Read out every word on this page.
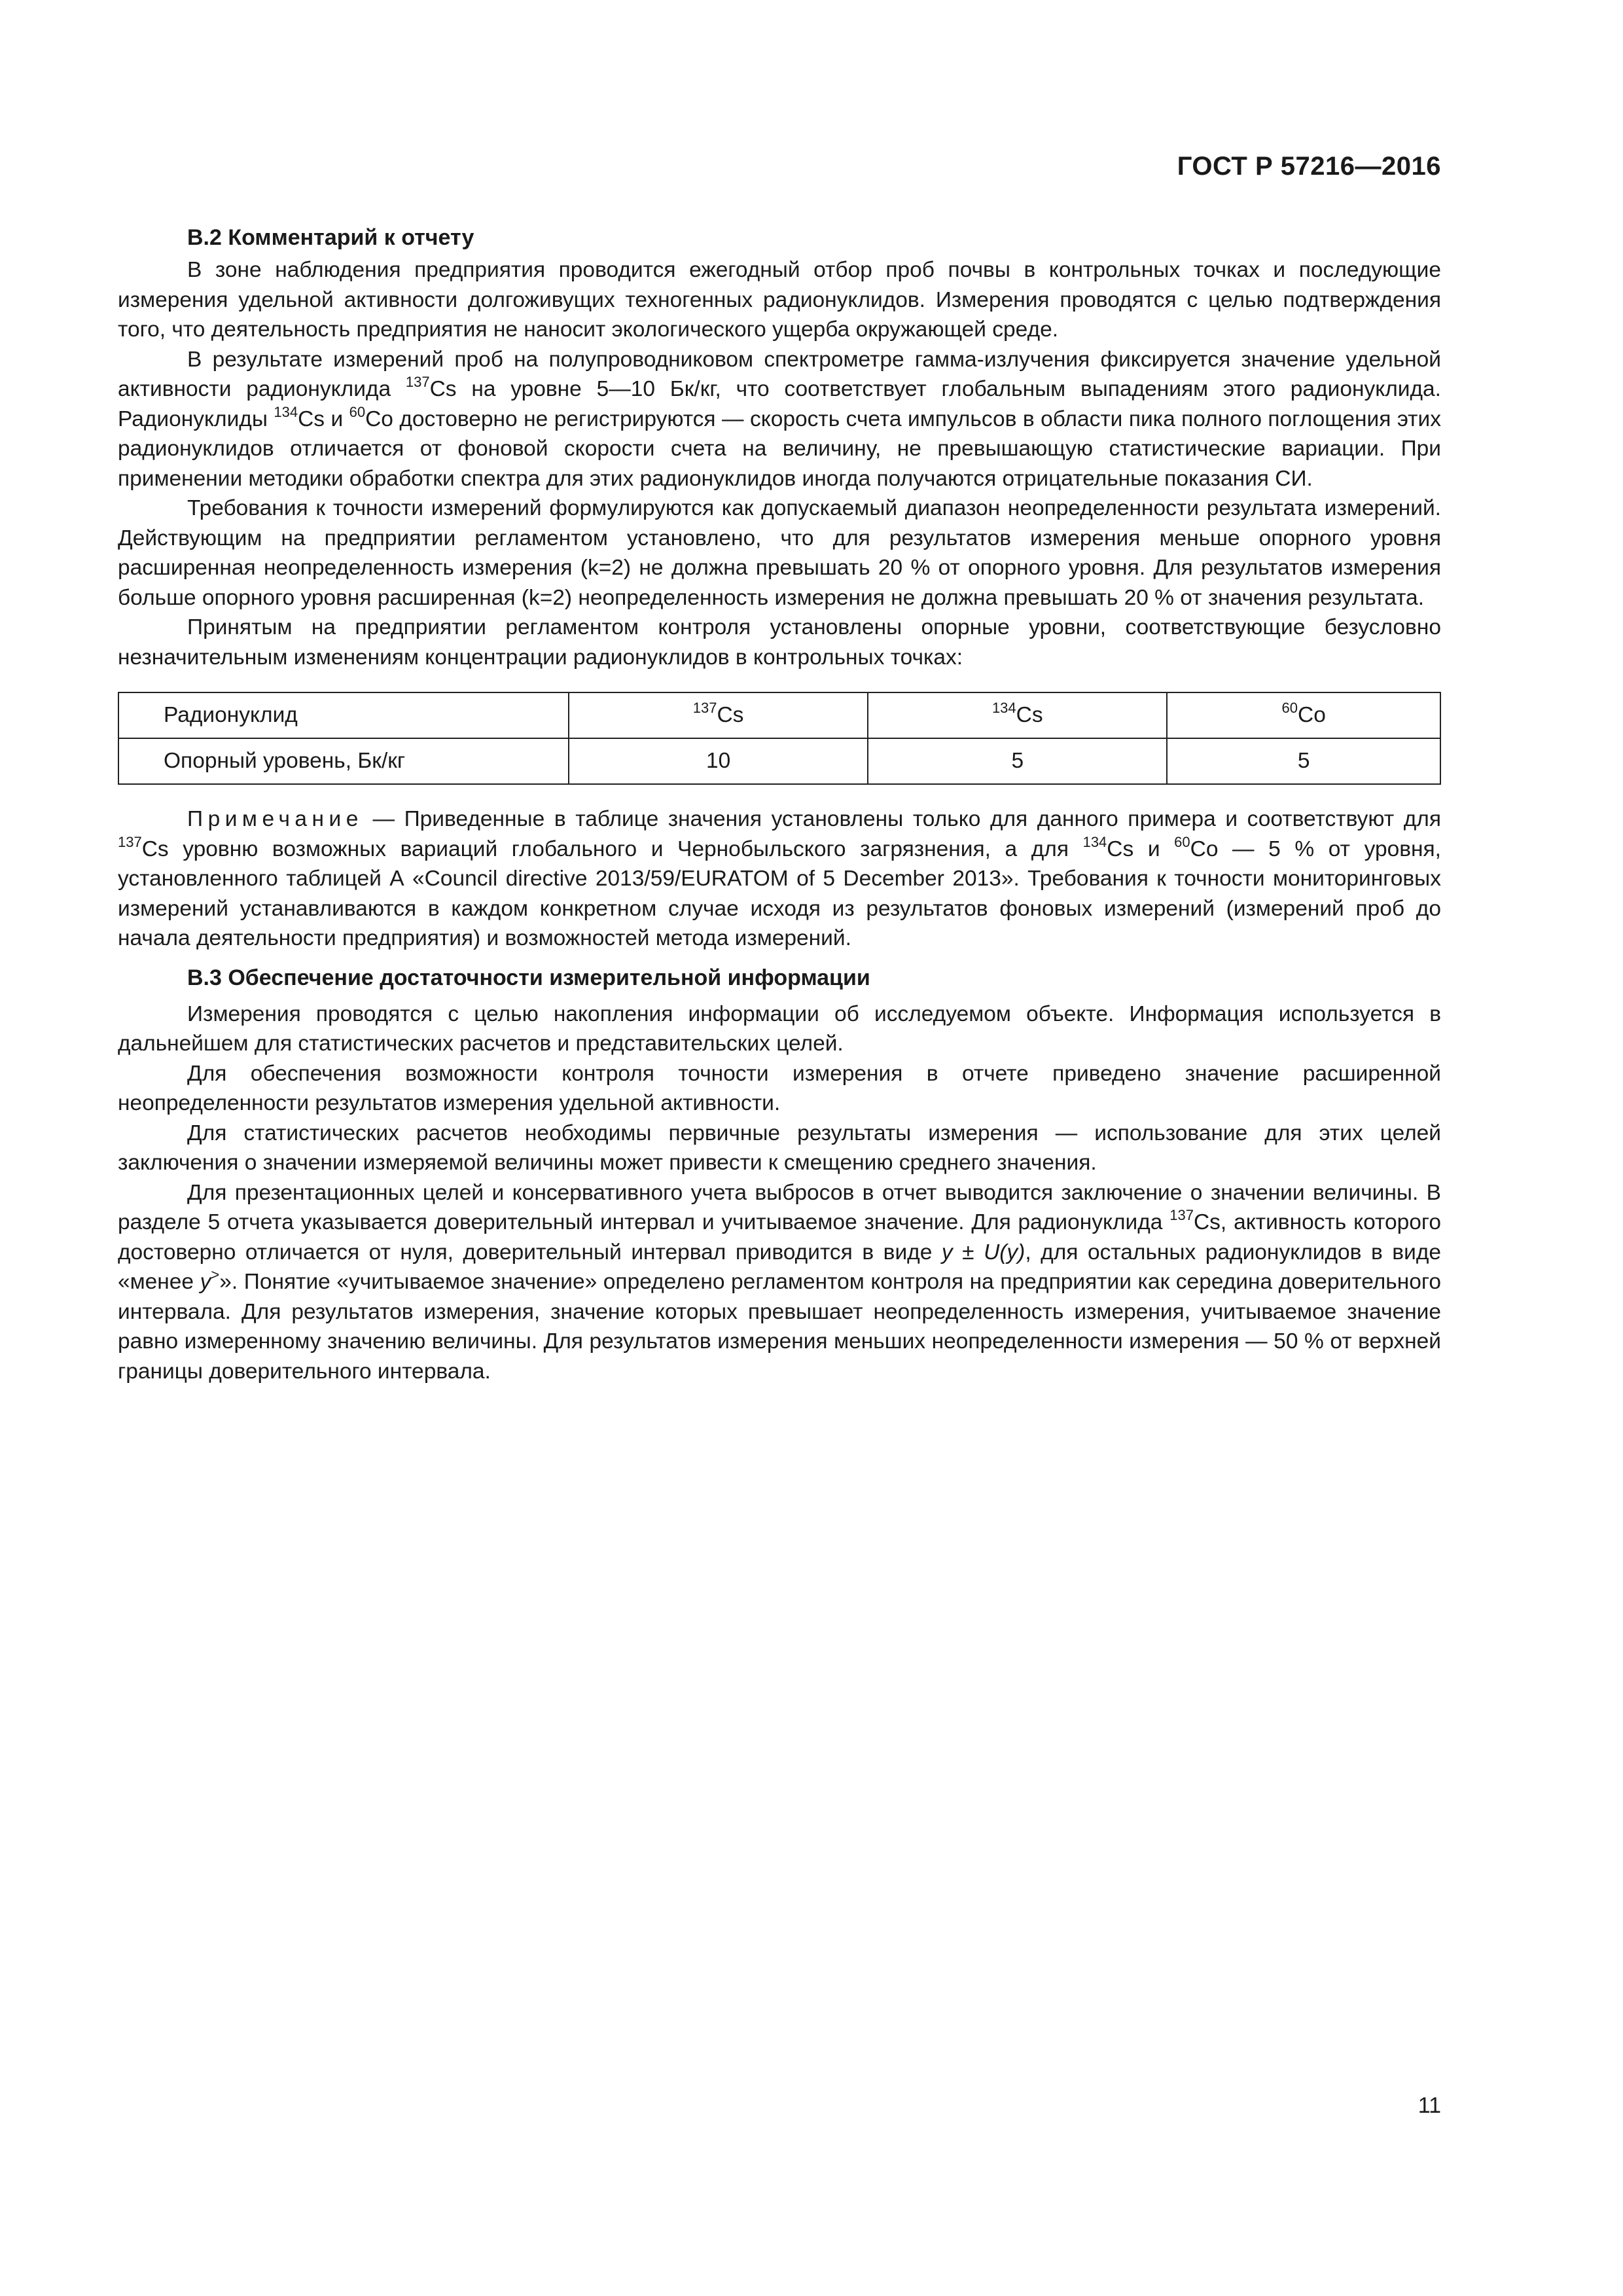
ГОСТ Р 57216—2016
В.2 Комментарий к отчету

В зоне наблюдения предприятия проводится ежегодный отбор проб почвы в контрольных точках и последующие измерения удельной активности долгоживущих техногенных радионуклидов. Измерения проводятся с целью подтверждения того, что деятельность предприятия не наносит экологического ущерба окружающей среде.

В результате измерений проб на полупроводниковом спектрометре гамма-излучения фиксируется значение удельной активности радионуклида $^{137}$Cs на уровне 5—10 Бк/кг, что соответствует глобальным выпадениям этого радионуклида. Радионуклиды $^{134}$Cs и $^{60}$Co достоверно не регистрируются — скорость счета импульсов в области пика полного поглощения этих радионуклидов отличается от фоновой скорости счета на величину, не превышающую статистические вариации. При применении методики обработки спектра для этих радионуклидов иногда получаются отрицательные показания СИ.

Требования к точности измерений формулируются как допускаемый диапазон неопределенности результата измерений. Действующим на предприятии регламентом установлено, что для результатов измерения меньше опорного уровня расширенная неопределенность измерения (k=2) не должна превышать 20 % от опорного уровня. Для результатов измерения больше опорного уровня расширенная (k=2) неопределенность измерения не должна превышать 20 % от значения результата.

Принятым на предприятии регламентом контроля установлены опорные уровни, соответствующие безусловно незначительным изменениям концентрации радионуклидов в контрольных точках:

Радионуклид	$^{137}$Cs	$^{134}$Cs	$^{60}$Co
Опорный уровень, Бк/кг	10	5	5

Примечание — Приведенные в таблице значения установлены только для данного примера и соответствуют для $^{137}$Cs уровню возможных вариаций глобального и Чернобыльского загрязнения, а для $^{134}$Cs и $^{60}$Co — 5 % от уровня, установленного таблицей А «Council directive 2013/59/EURATOM of 5 December 2013». Требования к точности мониторинговых измерений устанавливаются в каждом конкретном случае исходя из результатов фоновых измерений (измерений проб до начала деятельности предприятия) и возможностей метода измерений.

В.3 Обеспечение достаточности измерительной информации

Измерения проводятся с целью накопления информации об исследуемом объекте. Информация используется в дальнейшем для статистических расчетов и представительских целей.

Для обеспечения возможности контроля точности измерения в отчете приведено значение расширенной неопределенности результатов измерения удельной активности.

Для статистических расчетов необходимы первичные результаты измерения — использование для этих целей заключения о значении измеряемой величины может привести к смещению среднего значения.

Для презентационных целей и консервативного учета выбросов в отчет выводится заключение о значении величины. В разделе 5 отчета указывается доверительный интервал и учитываемое значение. Для радионуклида $^{137}$Cs, активность которого достоверно отличается от нуля, доверительный интервал приводится в виде y ± U(y), для остальных радионуклидов в виде «менее y>». Понятие «учитываемое значение» определено регламентом контроля на предприятии как середина доверительного интервала. Для результатов измерения, значение которых превышает неопределенность измерения, учитываемое значение равно измеренному значению величины. Для результатов измерения меньших неопределенности измерения — 50 % от верхней границы доверительного интервала.

11
